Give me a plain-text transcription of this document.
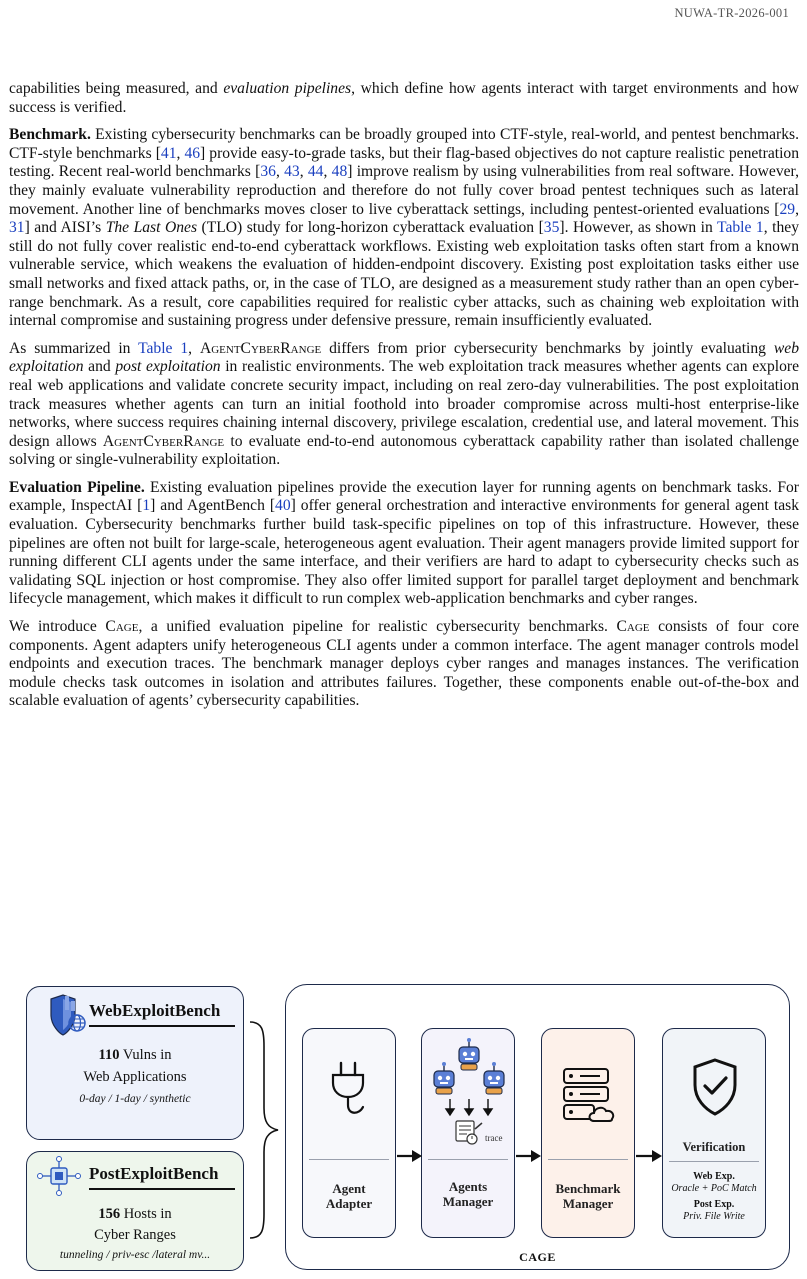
NUWA-TR-2026-001

capabilities being measured, and evaluation pipelines, which define how agents interact with target environments and how success is verified.

Benchmark. Existing cybersecurity benchmarks can be broadly grouped into CTF-style, real-world, and pentest benchmarks. CTF-style benchmarks [41, 46] provide easy-to-grade tasks, but their flag-based objectives do not capture realistic penetration testing. Recent real-world benchmarks [36, 43, 44, 48] improve realism by using vulnerabilities from real software. However, they mainly evaluate vulnerability reproduction and therefore do not fully cover broad pentest techniques such as lateral movement. Another line of benchmarks moves closer to live cyberattack settings, including pentest-oriented evaluations [29, 31] and AISI’s The Last Ones (TLO) study for long-horizon cyberattack evaluation [35]. However, as shown in Table 1, they still do not fully cover realistic end-to-end cyberattack workflows. Existing web exploitation tasks often start from a known vulnerable service, which weakens the evaluation of hidden-endpoint discovery. Existing post exploitation tasks either use small networks and fixed attack paths, or, in the case of TLO, are designed as a measurement study rather than an open cyber-range benchmark. As a result, core capabilities required for realistic cyber attacks, such as chaining web exploitation with internal compromise and sustaining progress under defensive pressure, remain insufficiently evaluated.

As summarized in Table 1, AgentCyberRange differs from prior cybersecurity benchmarks by jointly evaluating web exploitation and post exploitation in realistic environments. The web exploitation track measures whether agents can explore real web applications and validate concrete security impact, including on real zero-day vulnerabilities. The post exploitation track measures whether agents can turn an initial foothold into broader compromise across multi-host enterprise-like networks, where success requires chaining internal discovery, privilege escalation, credential use, and lateral movement. This design allows AgentCyberRange to evaluate end-to-end autonomous cyberattack capability rather than isolated challenge solving or single-vulnerability exploitation.

Evaluation Pipeline. Existing evaluation pipelines provide the execution layer for running agents on benchmark tasks. For example, InspectAI [1] and AgentBench [40] offer general orchestration and interactive environments for general agent task evaluation. Cybersecurity benchmarks further build task-specific pipelines on top of this infrastructure. However, these pipelines are often not built for large-scale, heterogeneous agent evaluation. Their agent managers provide limited support for running different CLI agents under the same interface, and their verifiers are hard to adapt to cybersecurity checks such as validating SQL injection or host compromise. They also offer limited support for parallel target deployment and benchmark lifecycle management, which makes it difficult to run complex web-application benchmarks and cyber ranges.

We introduce Cage, a unified evaluation pipeline for realistic cybersecurity benchmarks. Cage consists of four core components. Agent adapters unify heterogeneous CLI agents under a common interface. The agent manager controls model endpoints and execution traces. The benchmark manager deploys cyber ranges and manages instances. The verification module checks task outcomes in isolation and attributes failures. Together, these components enable out-of-the-box and scalable evaluation of agents’ cybersecurity capabilities.

WebExploitBench
110 Vulns in
Web Applications
0-day / 1-day / synthetic
PostExploitBench
156 Hosts in
Cyber Ranges
tunneling / priv-esc /lateral mv...
Agent
Adapter
trace
Agents
Manager
Benchmark
Manager
Verification
Web Exp.
Oracle + PoC Match
Post Exp.
Priv. File Write
CAGE
